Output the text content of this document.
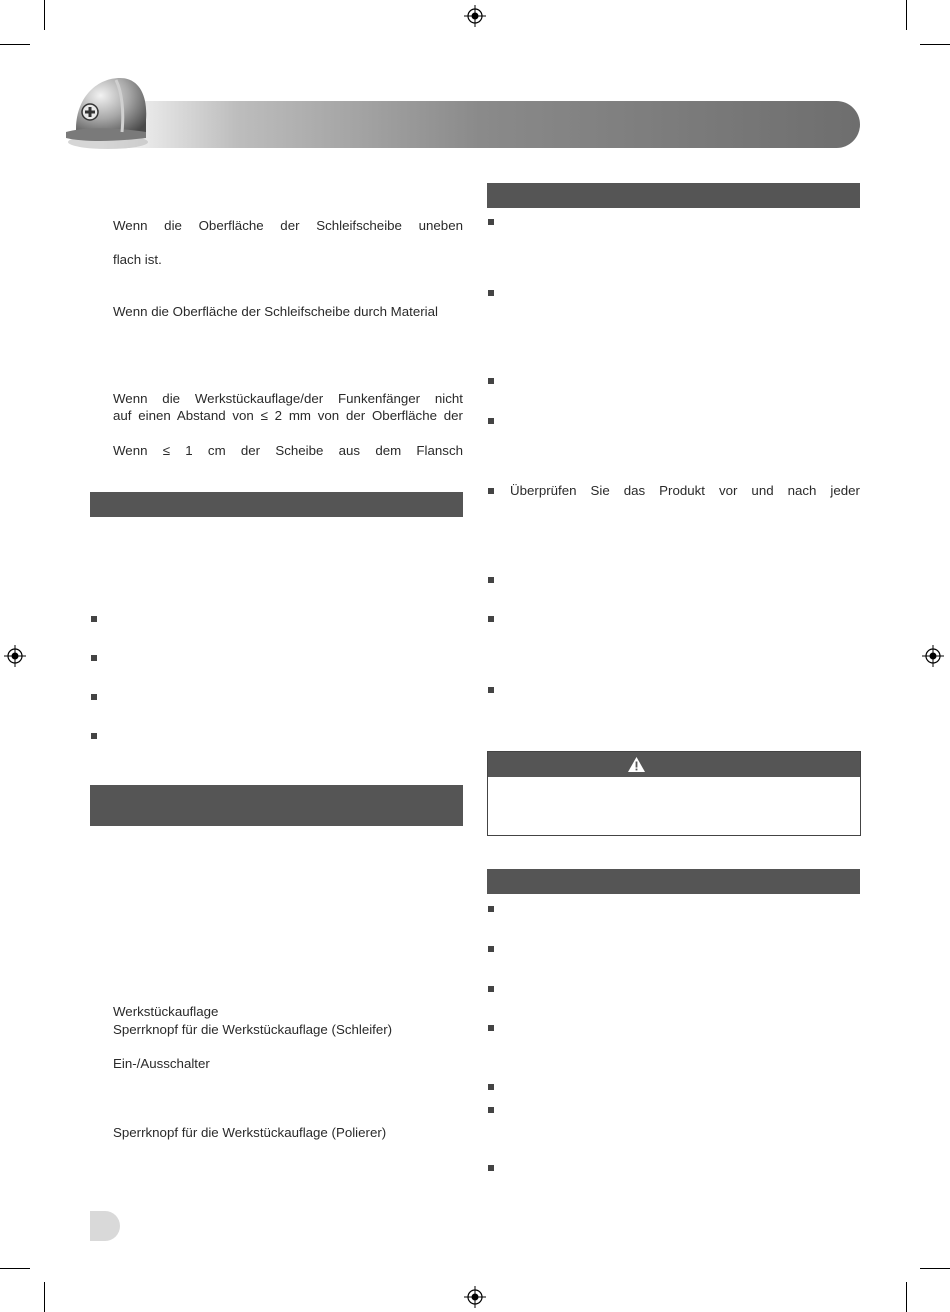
Wenn die Oberfläche der Schleifscheibe uneben
flach ist.
Wenn die Oberfläche der Schleifscheibe durch Material
Wenn die Werkstückauflage/der Funkenfänger nicht
auf einen Abstand von ≤ 2 mm von der Oberfläche der
Wenn ≤ 1 cm der Scheibe aus dem Flansch
Werkstückauflage
Sperrknopf für die Werkstückauflage (Schleifer)
Ein-/Ausschalter
Sperrknopf für die Werkstückauflage (Polierer)
Überprüfen Sie das Produkt vor und nach jeder
